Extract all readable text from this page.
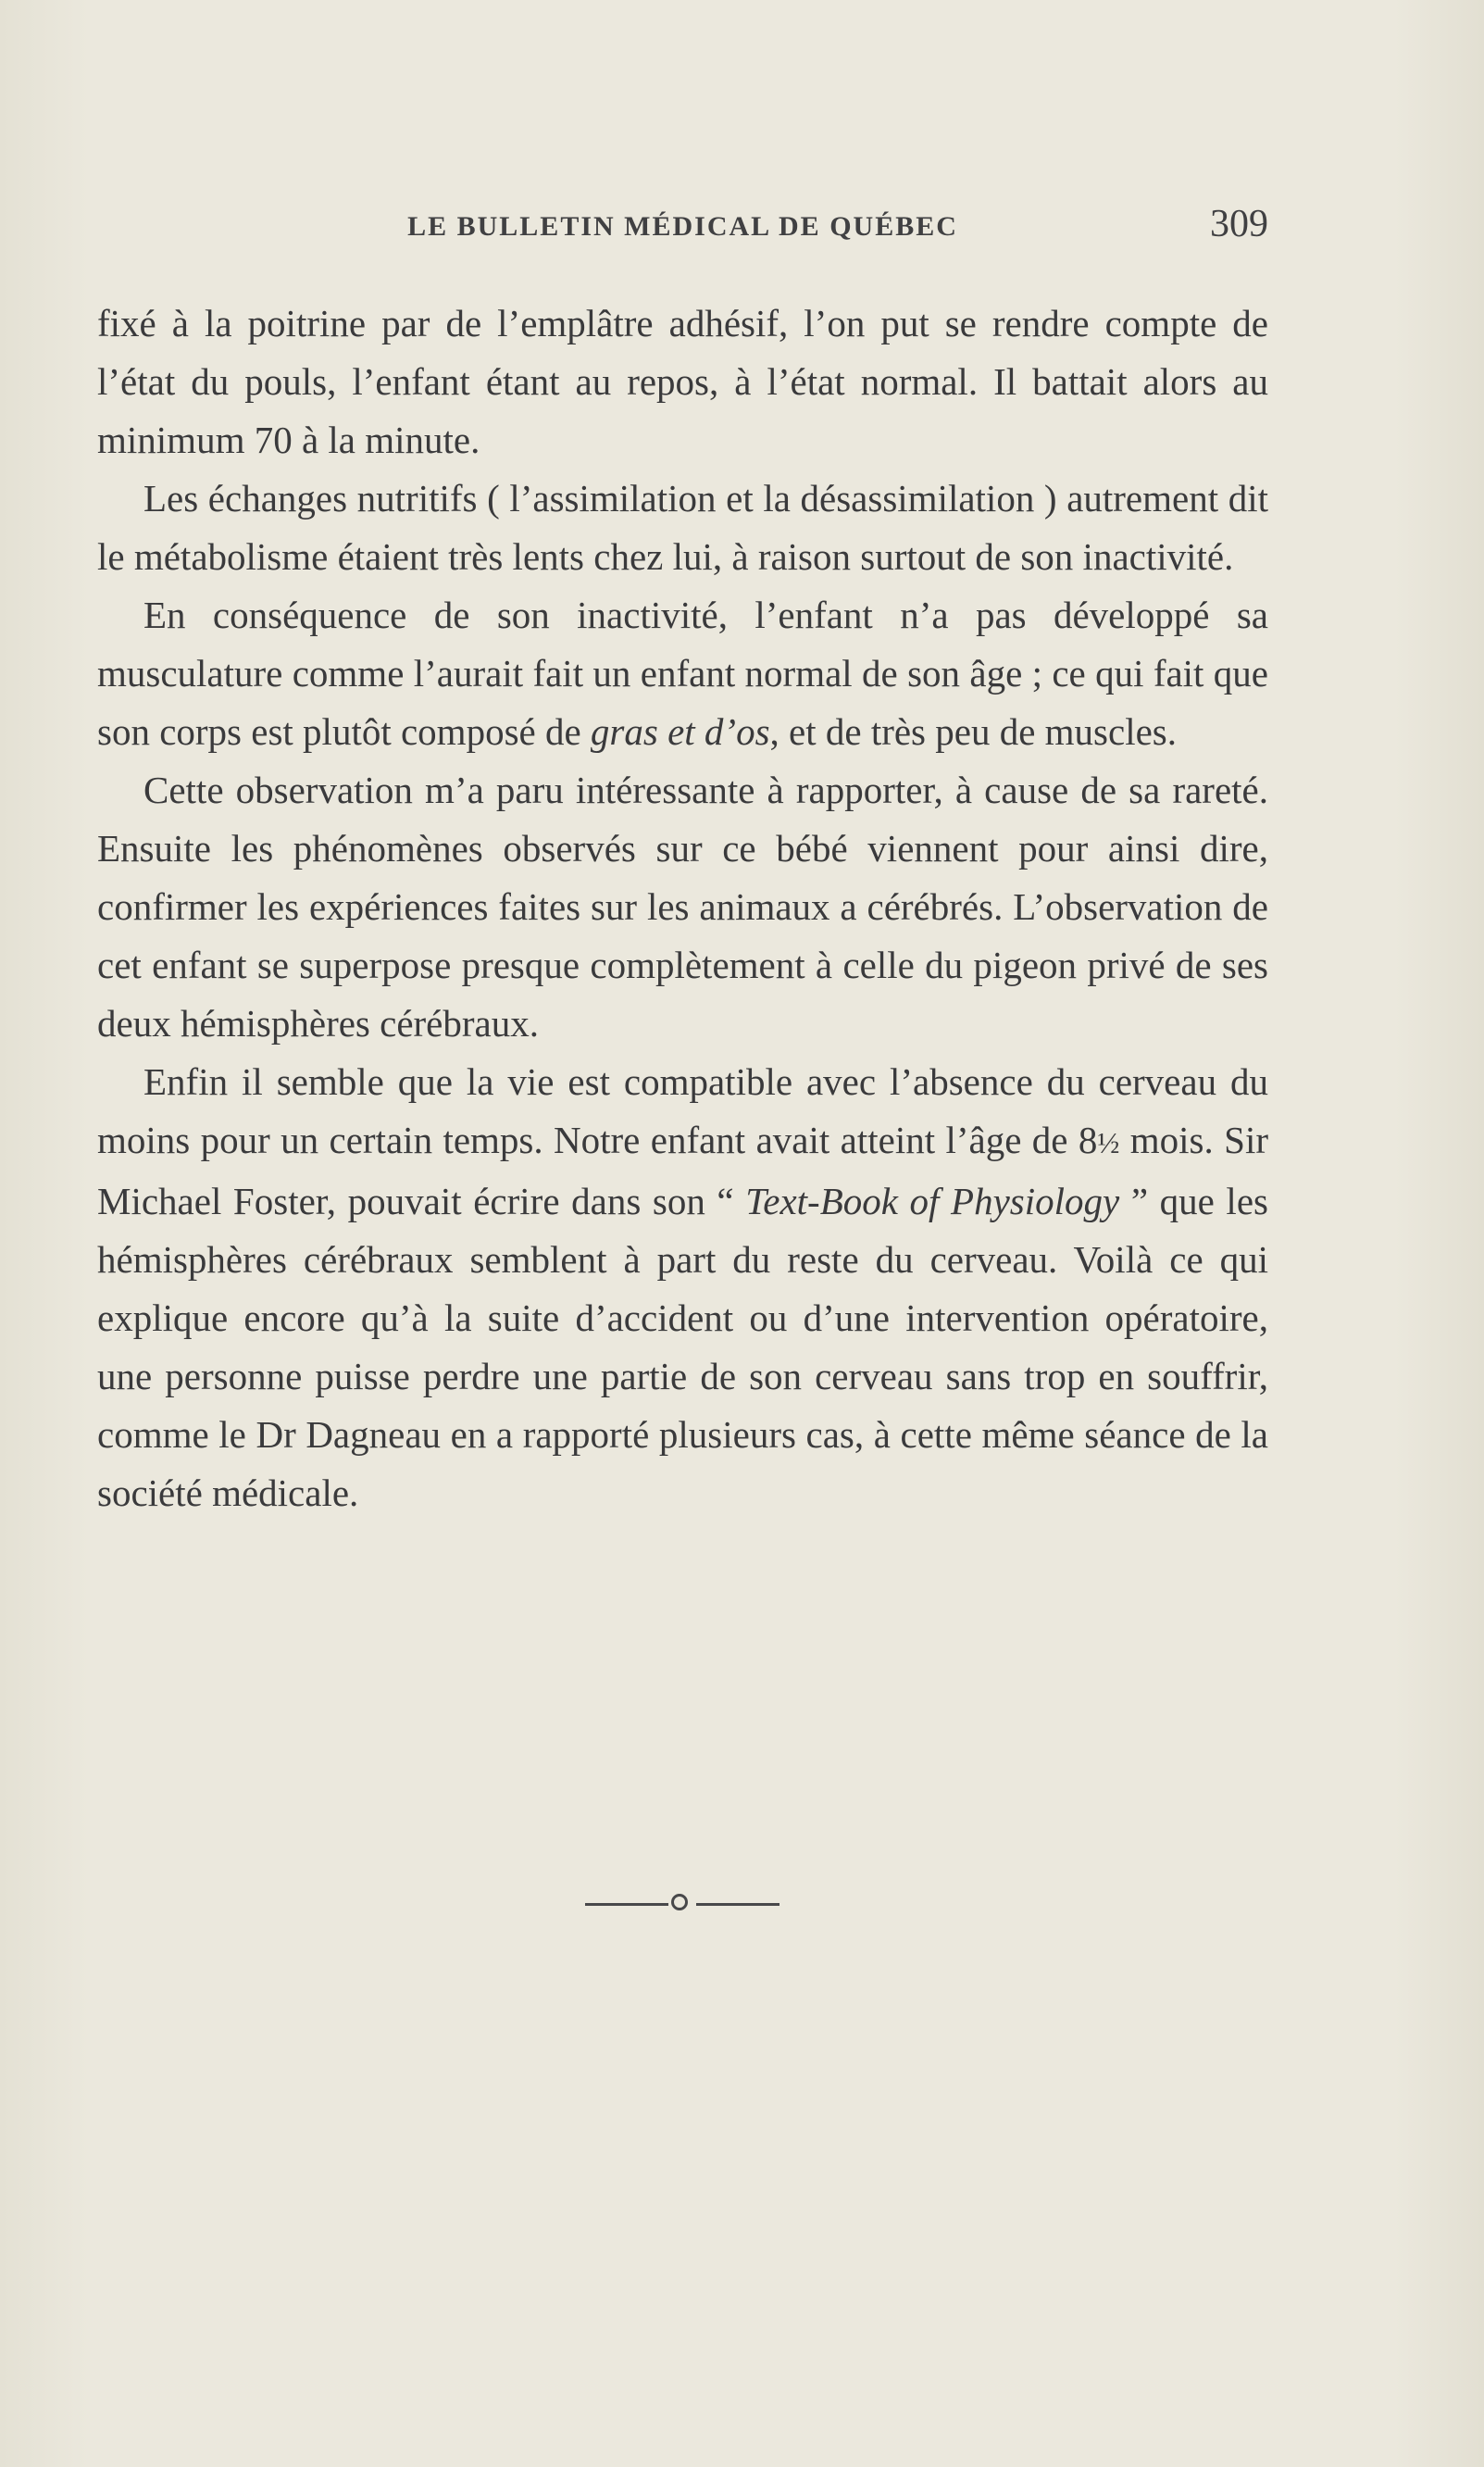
LE BULLETIN MÉDICAL DE QUÉBEC	309

fixé à la poitrine par de l’emplâtre adhésif, l’on put se rendre compte de l’état du pouls, l’enfant étant au repos, à l’état normal. Il battait alors au minimum 70 à la minute.

Les échanges nutritifs ( l’assimilation et la désassimilation ) autrement dit le métabolisme étaient très lents chez lui, à raison surtout de son inactivité.

En conséquence de son inactivité, l’enfant n’a pas développé sa musculature comme l’aurait fait un enfant normal de son âge ; ce qui fait que son corps est plutôt composé de gras et d’os, et de très peu de muscles.

Cette observation m’a paru intéressante à rapporter, à cause de sa rareté. Ensuite les phénomènes observés sur ce bébé viennent pour ainsi dire, confirmer les expériences faites sur les animaux a cérébrés. L’observation de cet enfant se superpose presque complètement à celle du pigeon privé de ses deux hémisphères cérébraux.

Enfin il semble que la vie est compatible avec l’absence du cerveau du moins pour un certain temps. Notre enfant avait atteint l’âge de 8½ mois. Sir Michael Foster, pouvait écrire dans son “ Text-Book of Physiology ” que les hémisphères cérébraux semblent à part du reste du cerveau. Voilà ce qui explique encore qu’à la suite d’accident ou d’une intervention opératoire, une personne puisse perdre une partie de son cerveau sans trop en souffrir, comme le Dr Dagneau en a rapporté plusieurs cas, à cette même séance de la société médicale.
